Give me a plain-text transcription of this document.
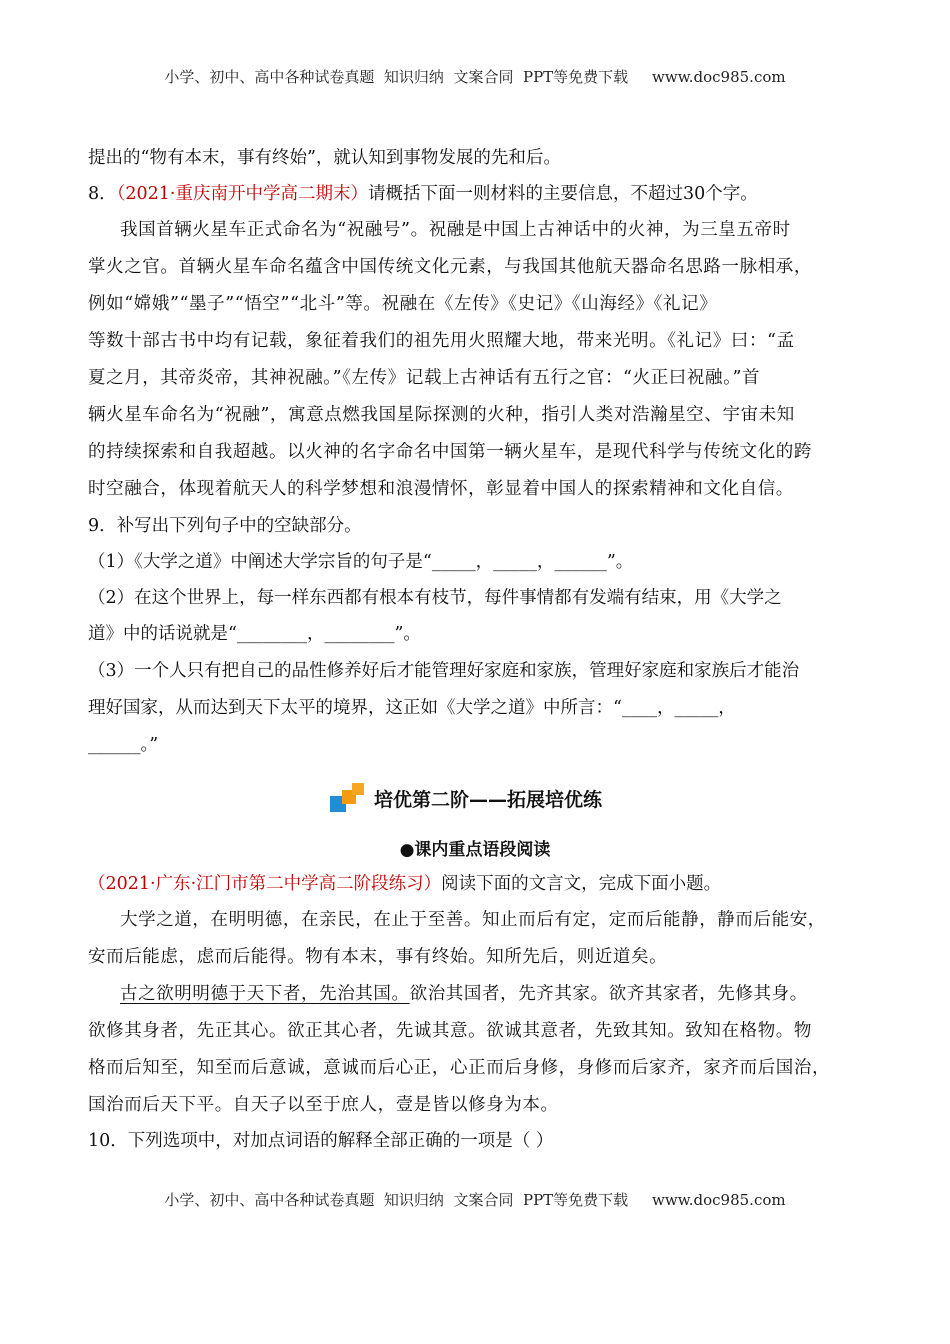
小学、初中、高中各种试卷真题  知识归纳  文案合同  PPT等免费下载     www.doc985.com
提出的“物有本末，事有终始”，就认知到事物发展的先和后。
8．（2021·重庆南开中学高二期末）请概括下面一则材料的主要信息，不超过30个字。
我国首辆火星车正式命名为“祝融号”。祝融是中国上古神话中的火神，为三皇五帝时
掌火之官。首辆火星车命名蕴含中国传统文化元素，与我国其他航天器命名思路一脉相承，
例如“嫦娥”“墨子”“悟空”“北斗”等。祝融在《左传》《史记》《山海经》《礼记》
等数十部古书中均有记载，象征着我们的祖先用火照耀大地，带来光明。《礼记》曰：“孟
夏之月，其帝炎帝，其神祝融。”《左传》记载上古神话有五行之官：“火正曰祝融。”首
辆火星车命名为“祝融”，寓意点燃我国星际探测的火种，指引人类对浩瀚星空、宇宙未知
的持续探索和自我超越。以火神的名字命名中国第一辆火星车，是现代科学与传统文化的跨
时空融合，体现着航天人的科学梦想和浪漫情怀，彰显着中国人的探索精神和文化自信。
9．补写出下列句子中的空缺部分。
（1）《大学之道》中阐述大学宗旨的句子是“_____，_____，______”。
（2）在这个世界上，每一样东西都有根本有枝节，每件事情都有发端有结束，用《大学之
道》中的话说就是“________，________”。
（3）一个人只有把自己的品性修养好后才能管理好家庭和家族，管理好家庭和家族后才能治
理好国家，从而达到天下太平的境界，这正如《大学之道》中所言：“____，_____，
______。”
培优第二阶——拓展培优练
●课内重点语段阅读
（2021·广东·江门市第二中学高二阶段练习）阅读下面的文言文，完成下面小题。
大学之道，在明明德，在亲民，在止于至善。知止而后有定，定而后能静，静而后能安，
安而后能虑，虑而后能得。物有本末，事有终始。知所先后，则近道矣。
古之欲明明德于天下者，先治其国。欲治其国者，先齐其家。欲齐其家者，先修其身。
欲修其身者，先正其心。欲正其心者，先诚其意。欲诚其意者，先致其知。致知在格物。物
格而后知至，知至而后意诚，意诚而后心正，心正而后身修，身修而后家齐，家齐而后国治，
国治而后天下平。自天子以至于庶人，壹是皆以修身为本。
10．下列选项中，对加点词语的解释全部正确的一项是（ ）
小学、初中、高中各种试卷真题  知识归纳  文案合同  PPT等免费下载     www.doc985.com
